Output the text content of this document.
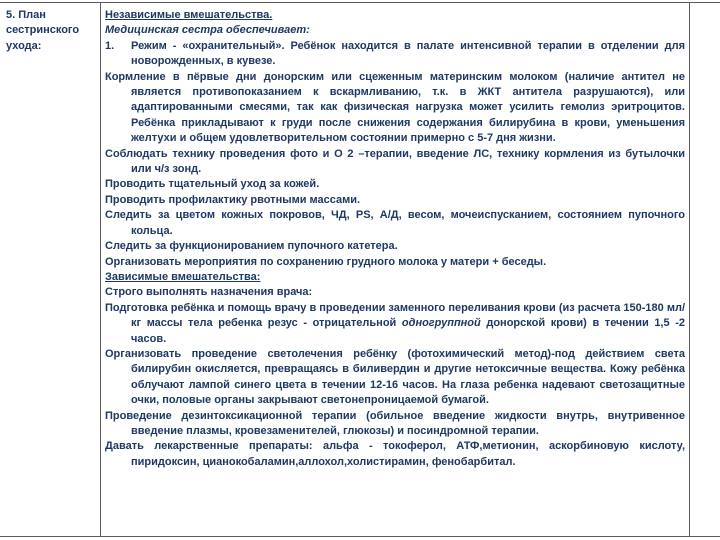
5. План сестринского ухода:
Независимые вмешательства.
Медицинская сестра обеспечивает:
1. Режим - «охранительный». Ребёнок находится в палате интенсивной терапии в отделении для новорожденных, в кувезе.
Кормление в пёрвые дни донорским или сцеженным материнским молоком (наличие антител не является противопоказанием к вскармливанию, т.к. в ЖКТ антитела разрушаются), или адаптированными смесями, так как физическая нагрузка может усилить гемолиз эритроцитов. Ребёнка прикладывают к груди после снижения содержания билирубина в крови, уменьшения желтухи и общем удовлетворительном состоянии примерно с 5-7 дня жизни.
Соблюдать технику проведения фото и О 2 –терапии, введение ЛС, технику кормления из бутылочки или ч/з зонд.
Проводить тщательный уход за кожей.
Проводить профилактику рвотными массами.
Следить за цветом кожных покровов, ЧД, PS, А/Д, весом, мочеиспусканием, состоянием пупочного кольца.
Следить за функционированием пупочного катетера.
Организовать мероприятия по сохранению грудного молока у матери + беседы.
Зависимые вмешательства:
Строго выполнять назначения врача:
Подготовка ребёнка и помощь врачу в проведении заменного переливания крови (из расчета 150-180 мл/кг массы тела ребенка резус - отрицательной одногруппной донорской крови) в течении 1,5 -2 часов.
Организовать проведение светолечения ребёнку (фотохимический метод)-под действием света билирубин окисляется, превращаясь в биливердин и другие нетоксичные вещества. Кожу ребёнка облучают лампой синего цвета в течении 12-16 часов. На глаза ребенка надевают светозащитные очки, половые органы закрывают светонепроницаемой бумагой.
Проведение дезинтоксикационной терапии (обильное введение жидкости внутрь, внутривенное введение плазмы, кровезаменителей, глюкозы) и посиндромной терапии.
Давать лекарственные препараты: альфа - токоферол, АТФ,метионин, аскорбиновую кислоту, пиридоксин, цианокобаламин,аллохол,холистирамин, фенобарбитал.
